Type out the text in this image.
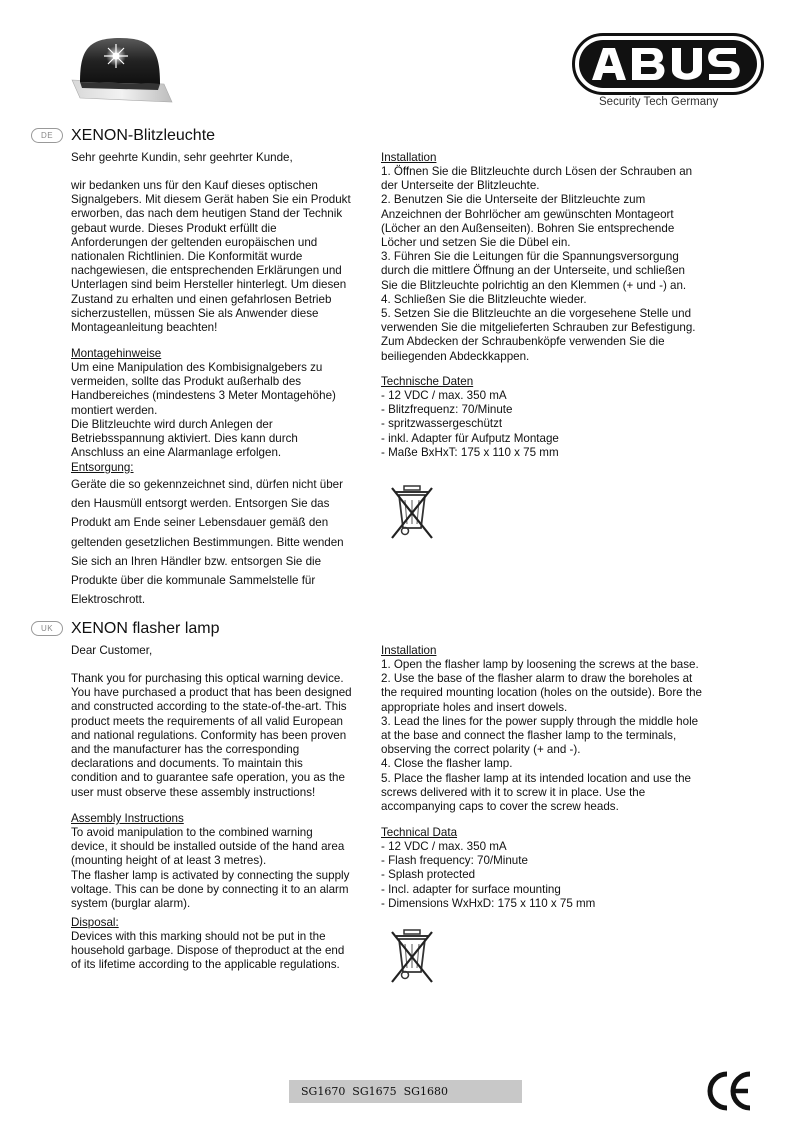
Security Tech Germany
DE	XENON-Blitzleuchte
Sehr geehrte Kundin, sehr geehrter Kunde,

wir bedanken uns für den Kauf dieses optischen

Signalgebers. Mit diesem Gerät haben Sie ein Produkt

erworben, das nach dem heutigen Stand der Technik

gebaut wurde. Dieses Produkt erfüllt die

Anforderungen der geltenden europäischen und

nationalen Richtlinien. Die Konformität wurde

nachgewiesen, die entsprechenden Erklärungen und

Unterlagen sind beim Hersteller hinterlegt. Um diesen

Zustand zu erhalten und einen gefahrlosen Betrieb

sicherzustellen, müssen Sie als Anwender diese

Montageanleitung beachten!

Montagehinweise

Um eine Manipulation des Kombisignalgebers zu

vermeiden, sollte das Produkt außerhalb des

Handbereiches (mindestens 3 Meter Montagehöhe)

montiert werden.

Die Blitzleuchte wird durch Anlegen der

Betriebsspannung aktiviert. Dies kann durch

Anschluss an eine Alarmanlage erfolgen.

Entsorgung:

Geräte die so gekennzeichnet sind, dürfen nicht über

den Hausmüll entsorgt werden. Entsorgen Sie das

Produkt am Ende seiner Lebensdauer gemäß den

geltenden gesetzlichen Bestimmungen. Bitte wenden

Sie sich an Ihren Händler bzw. entsorgen Sie die

Produkte über die kommunale Sammelstelle für

Elektroschrott.

Installation

1. Öffnen Sie die Blitzleuchte durch Lösen der Schrauben an

der Unterseite der Blitzleuchte.

2. Benutzen Sie die Unterseite der Blitzleuchte zum

Anzeichnen der Bohrlöcher am gewünschten Montageort

(Löcher an den Außenseiten). Bohren Sie entsprechende

Löcher und setzen Sie die Dübel ein.

3. Führen Sie die Leitungen für die Spannungsversorgung

durch die mittlere Öffnung an der Unterseite, und schließen

Sie die Blitzleuchte polrichtig an den Klemmen (+ und -) an.

4. Schließen Sie die Blitzleuchte wieder.

5. Setzen Sie die Blitzleuchte an die vorgesehene Stelle und

verwenden Sie die mitgelieferten Schrauben zur Befestigung.

Zum Abdecken der Schraubenköpfe verwenden Sie die

beiliegenden Abdeckkappen.

Technische Daten

- 12 VDC / max. 350 mA

- Blitzfrequenz: 70/Minute

- spritzwassergeschützt

- inkl. Adapter für Aufputz Montage

- Maße BxHxT: 175 x 110 x 75 mm

UK	XENON flasher lamp
Dear Customer,

Thank you for purchasing this optical warning device.

You have purchased a product that has been designed

and constructed according to the state-of-the-art. This

product meets the requirements of all valid European

and national regulations. Conformity has been proven

and the manufacturer has the corresponding

declarations and documents. To maintain this

condition and to guarantee safe operation, you as the

user must observe these assembly instructions!

Assembly Instructions

To avoid manipulation to the combined warning

device, it should be installed outside of the hand area

(mounting height of at least 3 metres).

The flasher lamp is activated by connecting the supply

voltage. This can be done by connecting it to an alarm

system (burglar alarm).

Disposal:

Devices with this marking should not be put in the

household garbage. Dispose of theproduct at the end

of its lifetime according to the applicable regulations.

Installation

1. Open the flasher lamp by loosening the screws at the base.

2. Use the base of the flasher alarm to draw the boreholes at

the required mounting location (holes on the outside). Bore the

appropriate holes and insert dowels.

3. Lead the lines for the power supply through the middle hole

at the base and connect the flasher lamp to the terminals,

observing the correct polarity (+ and -).

4. Close the flasher lamp.

5. Place the flasher lamp at its intended location and use the

screws delivered with it to screw it in place. Use the

accompanying caps to cover the screw heads.

Technical Data

- 12 VDC / max. 350 mA

- Flash frequency: 70/Minute

- Splash protected

- Incl. adapter for surface mounting

- Dimensions WxHxD: 175 x 110 x 75 mm

SG1670  SG1675  SG1680
